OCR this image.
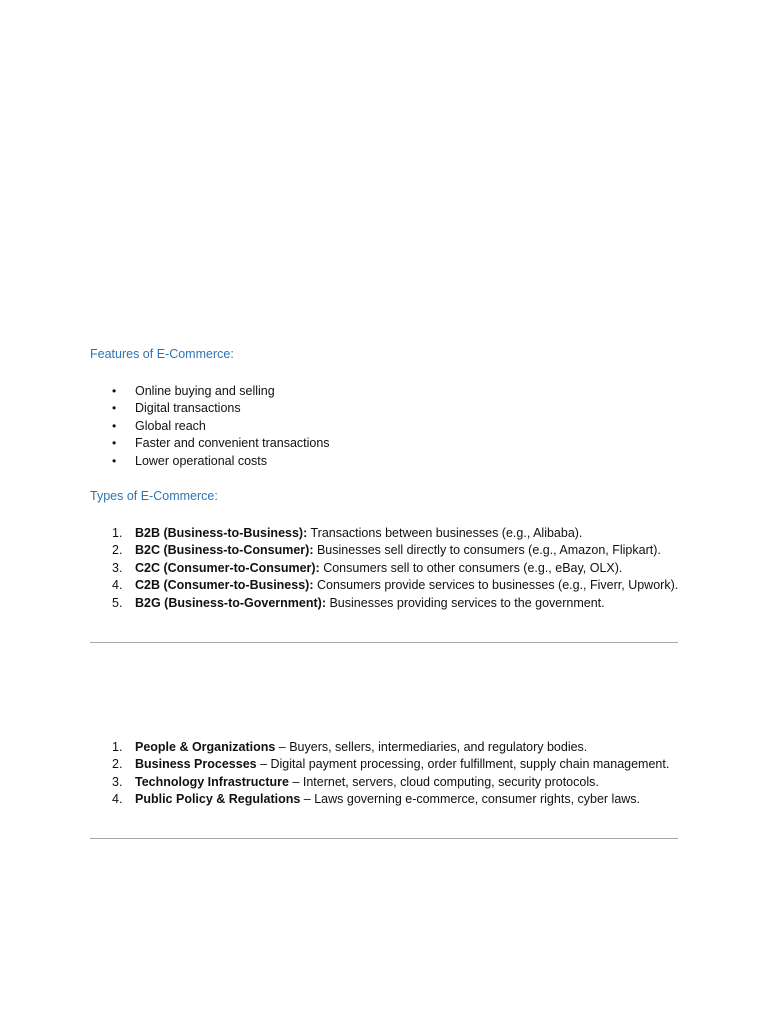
Features of E-Commerce:
• Online buying and selling
• Digital transactions
• Global reach
• Faster and convenient transactions
• Lower operational costs
Types of E-Commerce:
1. B2B (Business-to-Business): Transactions between businesses (e.g., Alibaba).
2. B2C (Business-to-Consumer): Businesses sell directly to consumers (e.g., Amazon, Flipkart).
3. C2C (Consumer-to-Consumer): Consumers sell to other consumers (e.g., eBay, OLX).
4. C2B (Consumer-to-Business): Consumers provide services to businesses (e.g., Fiverr, Upwork).
5. B2G (Business-to-Government): Businesses providing services to the government.
1. People & Organizations – Buyers, sellers, intermediaries, and regulatory bodies.
2. Business Processes – Digital payment processing, order fulfillment, supply chain management.
3. Technology Infrastructure – Internet, servers, cloud computing, security protocols.
4. Public Policy & Regulations – Laws governing e-commerce, consumer rights, cyber laws.
